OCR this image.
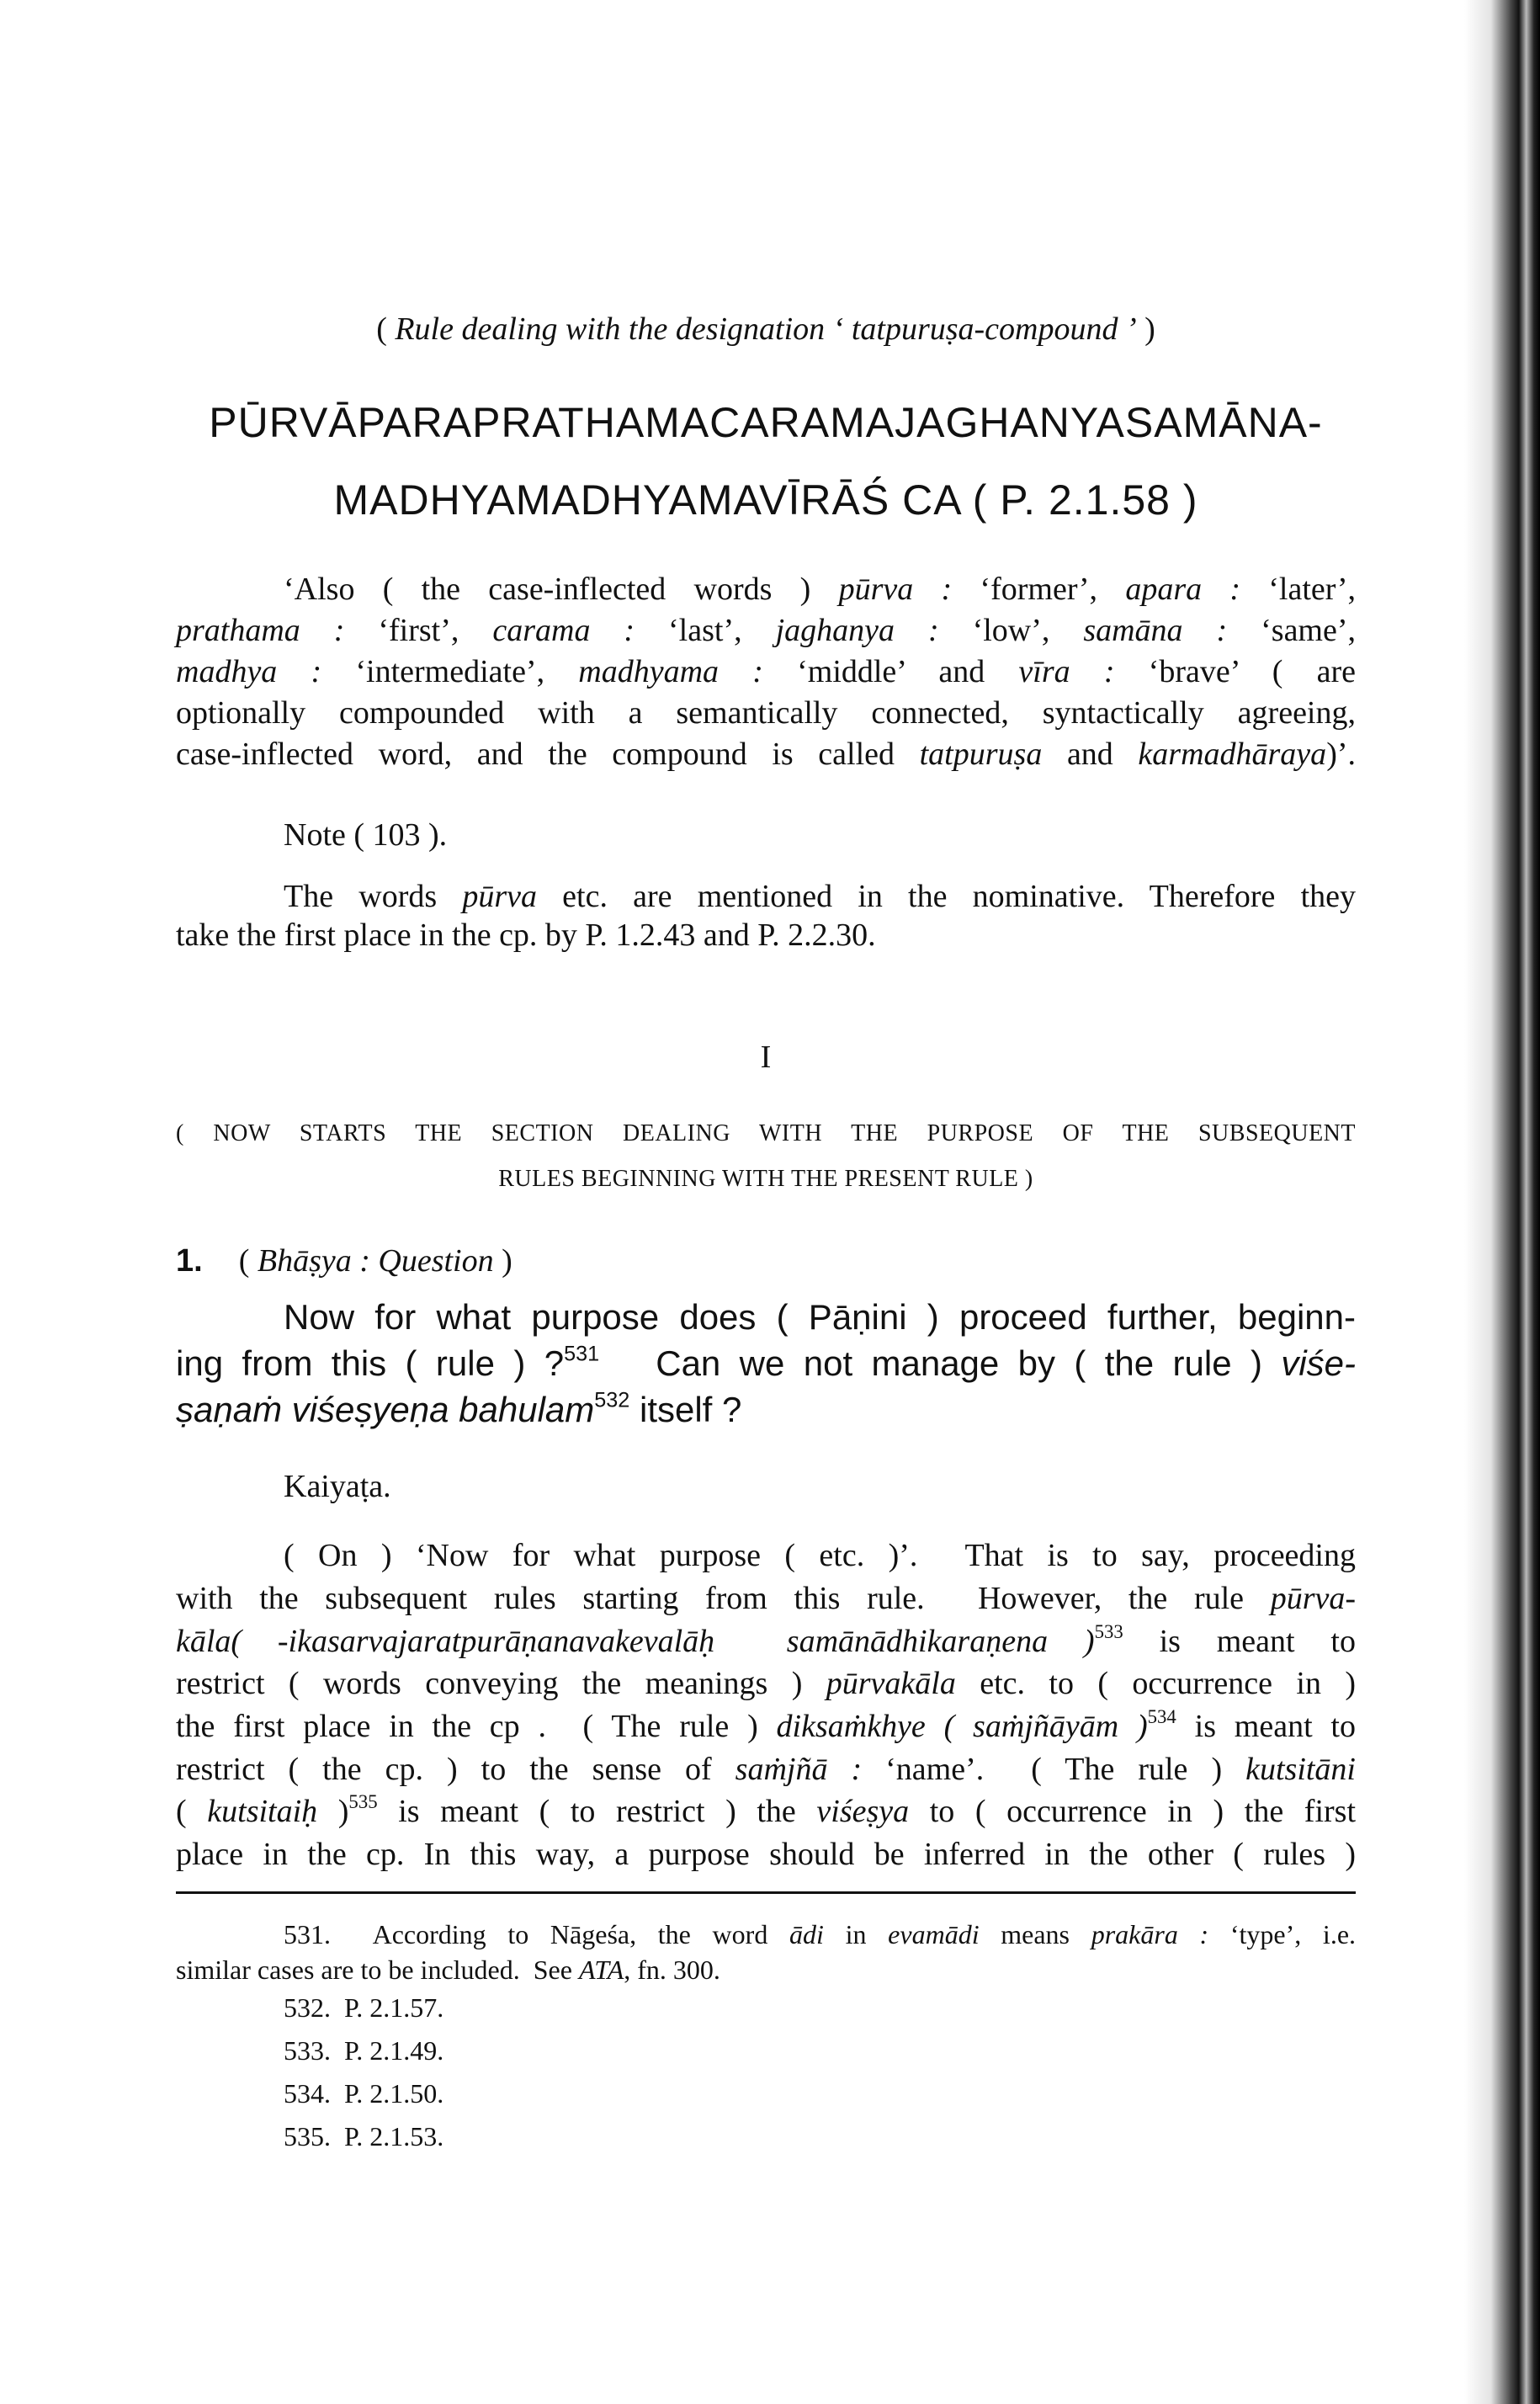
( Rule dealing with the designation ‘ tatpuruṣa-compound ’ )
PŪRVĀPARAPRATHAMACARAMAJAGHANYASAMĀNA-
MADHYAMADHYAMAVĪRĀŚ CA ( P. 2.1.58 )
‘Also ( the case-inflected words ) pūrva : ‘former’, apara : ‘later’,
prathama : ‘first’, carama : ‘last’, jaghanya : ‘low’, samāna : ‘same’,
madhya : ‘intermediate’, madhyama : ‘middle’ and vīra : ‘brave’ ( are
optionally compounded with a semantically connected, syntactically agreeing,
case-inflected word, and the compound is called tatpuruṣa and karmadhāraya)’.
Note ( 103 ).
The words pūrva etc. are mentioned in the nominative. Therefore they
take the first place in the cp. by P. 1.2.43 and P. 2.2.30.
I
( NOW STARTS THE SECTION DEALING WITH THE PURPOSE OF THE SUBSEQUENT
RULES BEGINNING WITH THE PRESENT RULE )
1. ( Bhāṣya : Question )
Now for what purpose does ( Pāṇini ) proceed further, beginn-
ing from this ( rule ) ?$^{531}$   Can we not manage by ( the rule ) viśe-
ṣaṇaṁ viśeṣyeṇa bahulam$^{532}$ itself ?
Kaiyaṭa.
( On ) ‘Now for what purpose ( etc. )’.  That is to say, proceeding
with the subsequent rules starting from this rule.  However, the rule pūrva-
kāla( -ikasarvajaratpurāṇanavakevalāḥ  samānādhikaraṇena )$^{533}$ is meant to
restrict ( words conveying the meanings ) pūrvakāla etc. to ( occurrence in )
the first place in the cp .  ( The rule ) diksaṁkhye ( saṁjñāyām )$^{534}$ is meant to
restrict ( the cp. ) to the sense of saṁjñā : ‘name’.  ( The rule ) kutsitāni
( kutsitaiḥ )$^{535}$ is meant ( to restrict ) the viśeṣya to ( occurrence in ) the first
place in the cp. In this way, a purpose should be inferred in the other ( rules )
531.  According to Nāgeśa, the word ādi in evamādi means prakāra : ‘type’, i.e.
similar cases are to be included.  See ATA, fn. 300.
532.  P. 2.1.57.
533.  P. 2.1.49.
534.  P. 2.1.50.
535.  P. 2.1.53.
